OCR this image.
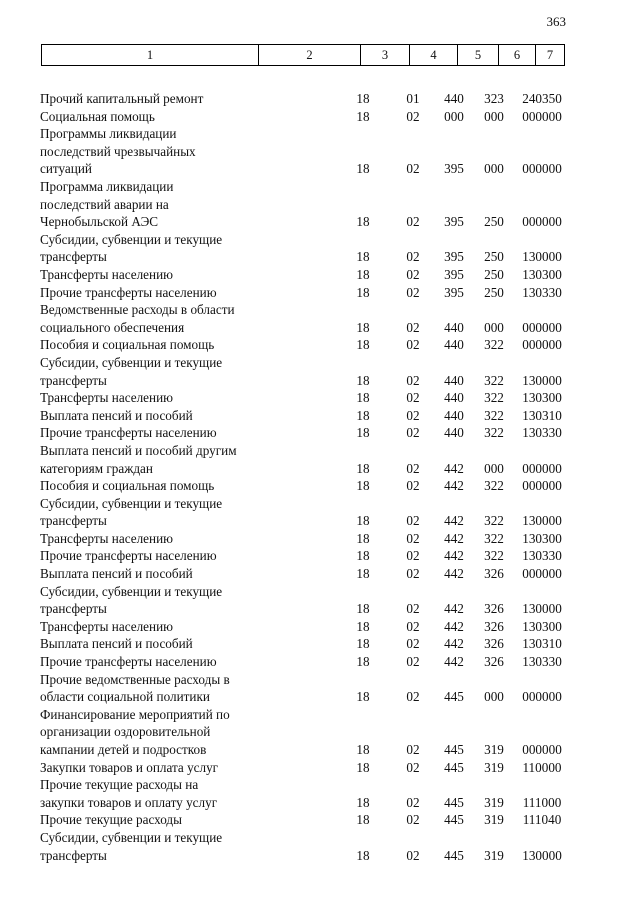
363
1	2	3	4	5	6	7
Прочий капитальный ремонт	18	01	440	323	240350
Социальная помощь	18	02	000	000	000000
Программы ликвидации
последствий чрезвычайных
ситуаций	18	02	395	000	000000
Программа ликвидации
последствий аварии на
Чернобыльской АЭС	18	02	395	250	000000
Субсидии, субвенции и текущие
трансферты	18	02	395	250	130000
Трансферты населению	18	02	395	250	130300
Прочие трансферты населению	18	02	395	250	130330
Ведомственные расходы в области
социального обеспечения	18	02	440	000	000000
Пособия и социальная помощь	18	02	440	322	000000
Субсидии, субвенции и текущие
трансферты	18	02	440	322	130000
Трансферты населению	18	02	440	322	130300
Выплата пенсий и пособий	18	02	440	322	130310
Прочие трансферты населению	18	02	440	322	130330
Выплата пенсий и пособий другим
категориям граждан	18	02	442	000	000000
Пособия и социальная помощь	18	02	442	322	000000
Субсидии, субвенции и текущие
трансферты	18	02	442	322	130000
Трансферты населению	18	02	442	322	130300
Прочие трансферты населению	18	02	442	322	130330
Выплата пенсий и пособий	18	02	442	326	000000
Субсидии, субвенции и текущие
трансферты	18	02	442	326	130000
Трансферты населению	18	02	442	326	130300
Выплата пенсий и пособий	18	02	442	326	130310
Прочие трансферты населению	18	02	442	326	130330
Прочие ведомственные расходы в
области социальной политики	18	02	445	000	000000
Финансирование мероприятий по
организации оздоровительной
кампании детей и подростков	18	02	445	319	000000
Закупки товаров и оплата услуг	18	02	445	319	110000
Прочие текущие расходы на
закупки товаров и оплату услуг	18	02	445	319	111000
Прочие текущие расходы	18	02	445	319	111040
Субсидии, субвенции и текущие
трансферты	18	02	445	319	130000
